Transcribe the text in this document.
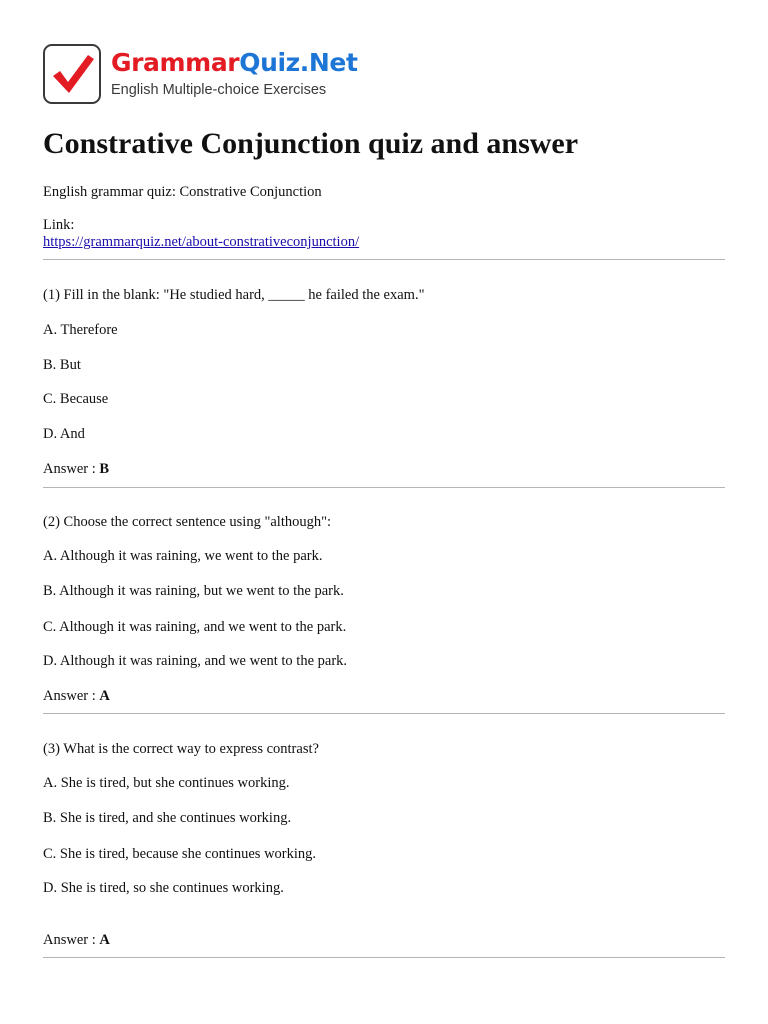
GrammarQuiz.Net
English Multiple-choice Exercises
Constrative Conjunction quiz and answer
English grammar quiz: Constrative Conjunction
Link:
https://grammarquiz.net/about-constrativeconjunction/
(1) Fill in the blank: "He studied hard, _____ he failed the exam."
A. Therefore
B. But
C. Because
D. And
Answer : B
(2) Choose the correct sentence using "although":
A. Although it was raining, we went to the park.
B. Although it was raining, but we went to the park.
C. Although it was raining, and we went to the park.
D. Although it was raining, and we went to the park.
Answer : A
(3) What is the correct way to express contrast?
A. She is tired, but she continues working.
B. She is tired, and she continues working.
C. She is tired, because she continues working.
D. She is tired, so she continues working.
Answer : A
